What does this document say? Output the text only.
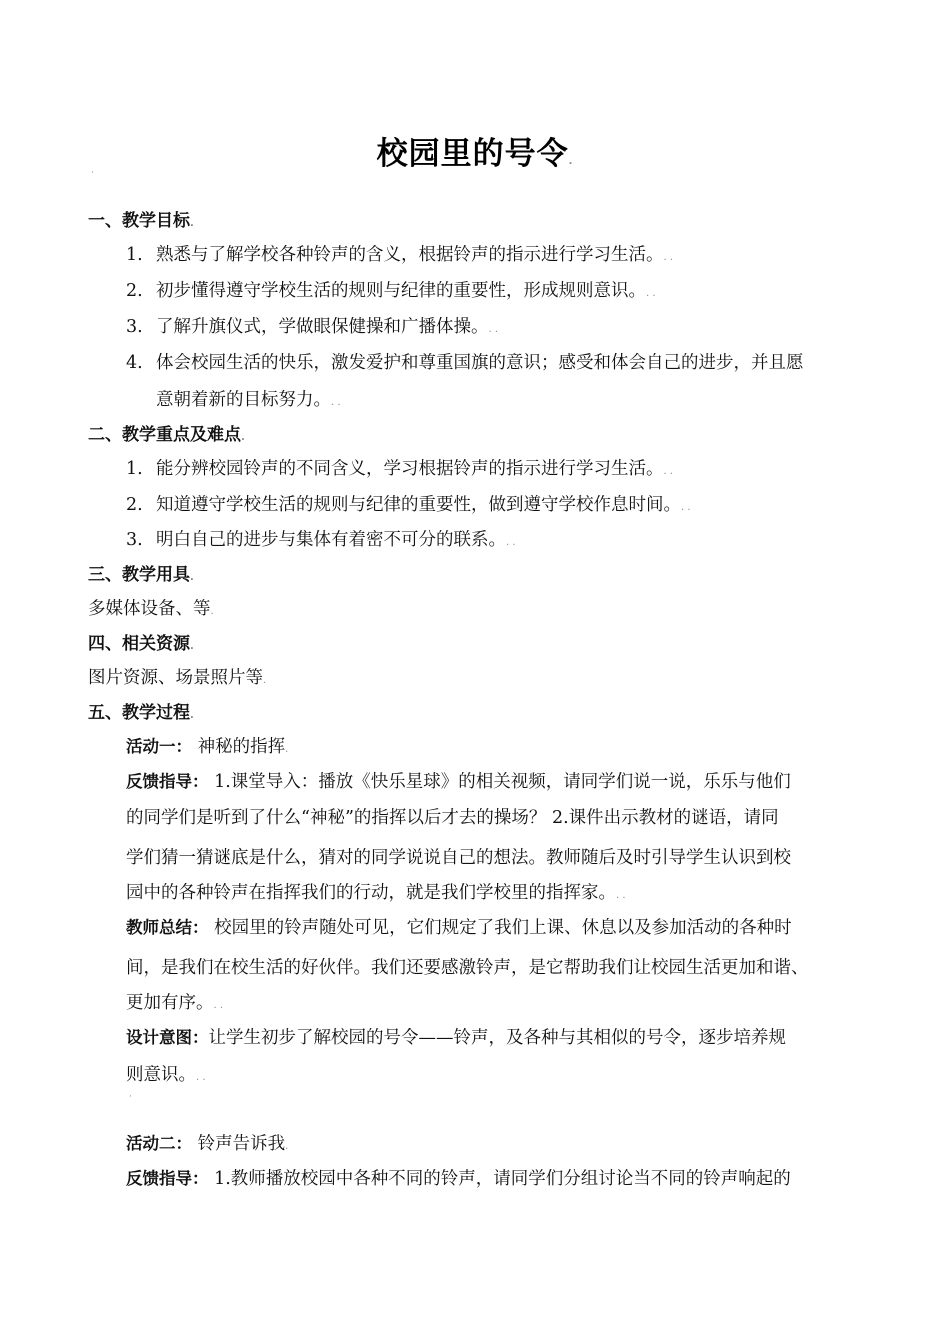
校园里的号令.
·
一、教学目标.
1. 熟悉与了解学校各种铃声的含义，根据铃声的指示进行学习生活。. .
2. 初步懂得遵守学校生活的规则与纪律的重要性，形成规则意识。. .
3. 了解升旗仪式，学做眼保健操和广播体操。. .
4. 体会校园生活的快乐，激发爱护和尊重国旗的意识；感受和体会自己的进步，并且愿
意朝着新的目标努力。. .
二、教学重点及难点.
1. 能分辨校园铃声的不同含义，学习根据铃声的指示进行学习生活。. .
2. 知道遵守学校生活的规则与纪律的重要性，做到遵守学校作息时间。. .
3. 明白自己的进步与集体有着密不可分的联系。. .
三、教学用具.
多媒体设备、等.
四、相关资源.
图片资源、场景照片等.
五、教学过程.
活动一： 神秘的指挥.
反馈指导： 1.课堂导入：播放《快乐星球》的相关视频，请同学们说一说，乐乐与他们
的同学们是听到了什么“神秘”的指挥以后才去的操场？ 2.课件出示教材的谜语，请同
学们猜一猜谜底是什么，猜对的同学说说自己的想法。教师随后及时引导学生认识到校
园中的各种铃声在指挥我们的行动，就是我们学校里的指挥家。. .
教师总结： 校园里的铃声随处可见，它们规定了我们上课、休息以及参加活动的各种时
间，是我们在校生活的好伙伴。我们还要感激铃声，是它帮助我们让校园生活更加和谐、
更加有序。. .
设计意图：让学生初步了解校园的号令——铃声，及各种与其相似的号令，逐步培养规
则意识。. .
·
活动二： 铃声告诉我.
反馈指导： 1.教师播放校园中各种不同的铃声，请同学们分组讨论当不同的铃声响起的
